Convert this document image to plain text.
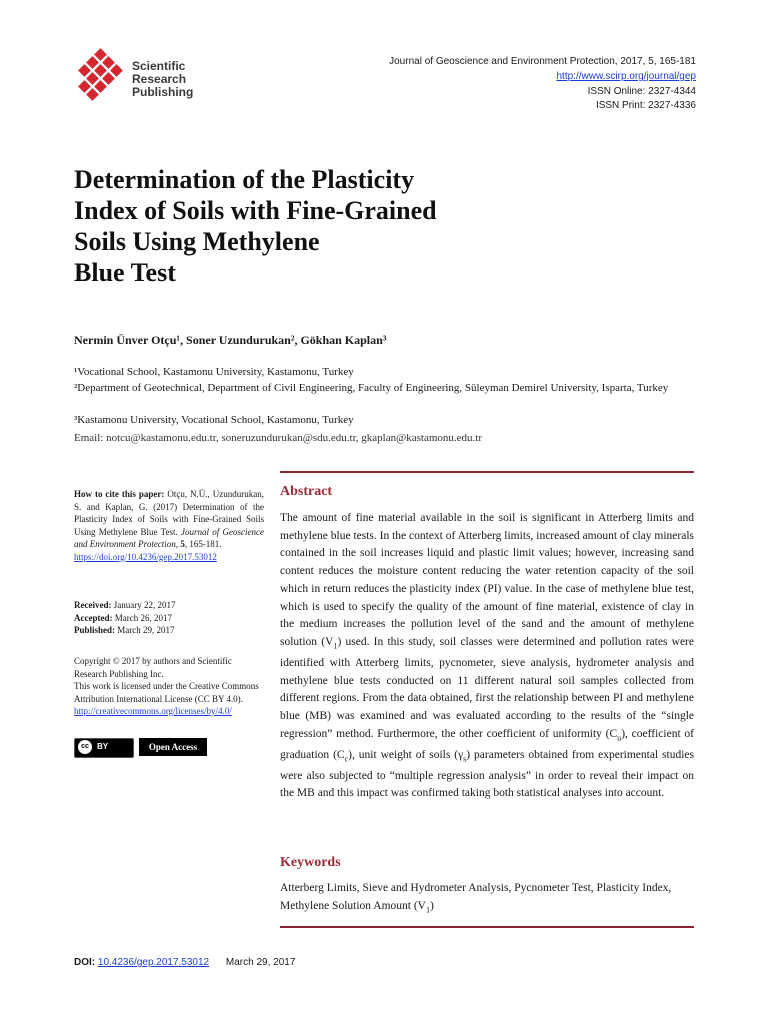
Scientific
Research
Publishing
Journal of Geoscience and Environment Protection, 2017, 5, 165-181
http://www.scirp.org/journal/gep
ISSN Online: 2327-4344
ISSN Print: 2327-4336
Determination of the Plasticity
Index of Soils with Fine-Grained
Soils Using Methylene
Blue Test
Nermin Ünver Otçu¹, Soner Uzundurukan², Gökhan Kaplan³
¹Vocational School, Kastamonu University, Kastamonu, Turkey
²Department of Geotechnical, Department of Civil Engineering, Faculty of Engineering, Süleyman Demirel University, Isparta, Turkey
³Kastamonu University, Vocational School, Kastamonu, Turkey
Email: notcu@kastamonu.edu.tr, soneruzundurukan@sdu.edu.tr, gkaplan@kastamonu.edu.tr
How to cite this paper: Otçu, N.Ü., Uzundurukan, S. and Kaplan, G. (2017) Determination of the Plasticity Index of Soils with Fine-Grained Soils Using Methylene Blue Test. Journal of Geoscience and Environment Protection, 5, 165-181.
https://doi.org/10.4236/gep.2017.53012
Received: January 22, 2017
Accepted: March 26, 2017
Published: March 29, 2017
Copyright © 2017 by authors and Scientific Research Publishing Inc.
This work is licensed under the Creative Commons Attribution International License (CC BY 4.0).
http://creativecommons.org/licenses/by/4.0/
cc	BY	Open Access
Abstract
The amount of fine material available in the soil is significant in Atterberg limits and methylene blue tests. In the context of Atterberg limits, increased amount of clay minerals contained in the soil increases liquid and plastic limit values; however, increasing sand content reduces the moisture content reducing the water retention capacity of the soil which in return reduces the plasticity index (PI) value. In the case of methylene blue test, which is used to specify the quality of the amount of fine material, existence of clay in the medium increases the pollution level of the sand and the amount of methylene solution $(V_1)$ used. In this study, soil classes were determined and pollution rates were identified with Atterberg limits, pycnometer, sieve analysis, hydrometer analysis and methylene blue tests conducted on 11 different natural soil samples collected from different regions. From the data obtained, first the relationship between PI and methylene blue (MB) was examined and was evaluated according to the results of the “single regression” method. Furthermore, the other coefficient of uniformity $(C_u)$, coefficient of graduation $(C_c)$, unit weight of soils $(\gamma_s)$ parameters obtained from experimental studies were also subjected to “multiple regression analysis” in order to reveal their impact on the MB and this impact was confirmed taking both statistical analyses into account.
Keywords
Atterberg Limits, Sieve and Hydrometer Analysis, Pycnometer Test, Plasticity Index, Methylene Solution Amount $(V_1)$
DOI: 10.4236/gep.2017.53012 March 29, 2017
